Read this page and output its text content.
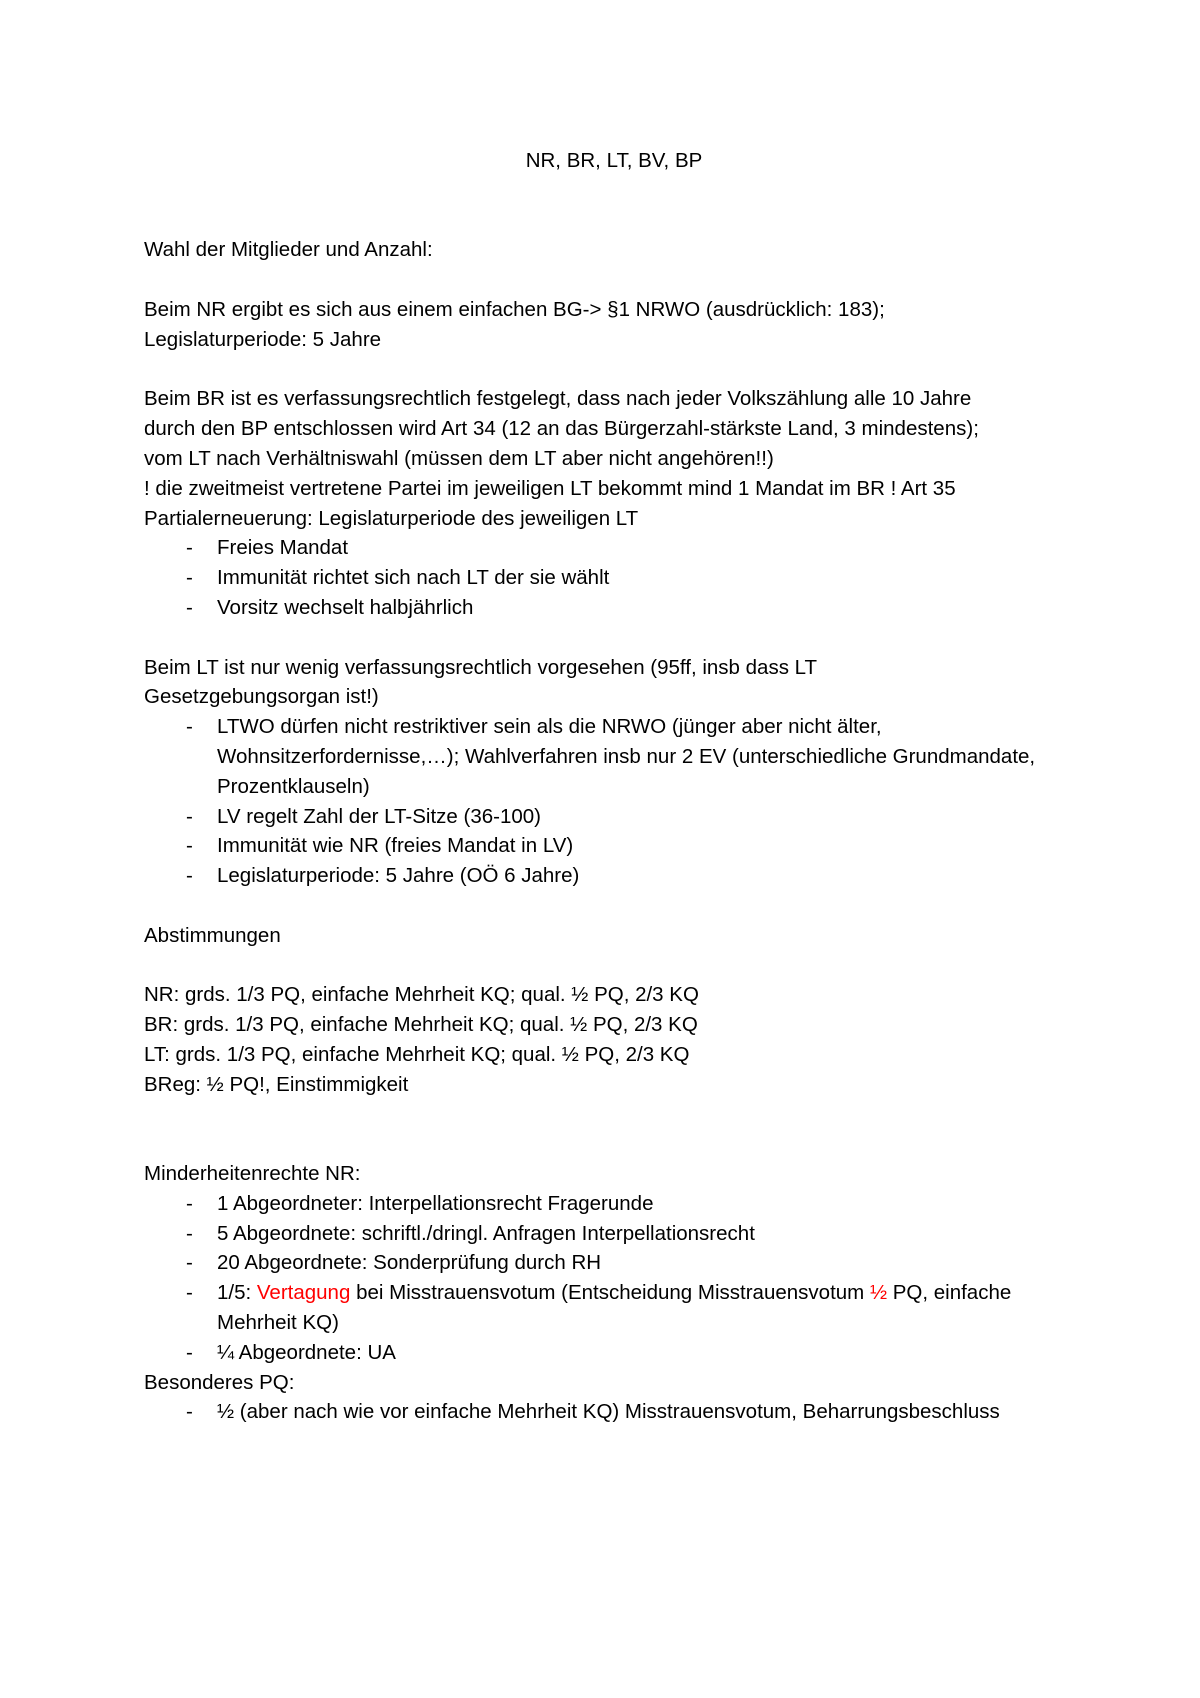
NR, BR, LT, BV, BP

Wahl der Mitglieder und Anzahl:

Beim NR ergibt es sich aus einem einfachen BG-> §1 NRWO (ausdrücklich: 183);

Legislaturperiode: 5 Jahre

Beim BR ist es verfassungsrechtlich festgelegt, dass nach jeder Volkszählung alle 10 Jahre

durch den BP entschlossen wird Art 34 (12 an das Bürgerzahl-stärkste Land, 3 mindestens);

vom LT nach Verhältniswahl (müssen dem LT aber nicht angehören!!)

! die zweitmeist vertretene Partei im jeweiligen LT bekommt mind 1 Mandat im BR ! Art 35

Partialerneuerung: Legislaturperiode des jeweiligen LT

- Freies Mandat
- Immunität richtet sich nach LT der sie wählt
- Vorsitz wechselt halbjährlich

Beim LT ist nur wenig verfassungsrechtlich vorgesehen (95ff, insb dass LT

Gesetzgebungsorgan ist!)

- LTWO dürfen nicht restriktiver sein als die NRWO (jünger aber nicht älter, Wohnsitzerfordernisse,…); Wahlverfahren insb nur 2 EV (unterschiedliche Grundmandate, Prozentklauseln)
- LV regelt Zahl der LT-Sitze (36-100)
- Immunität wie NR (freies Mandat in LV)
- Legislaturperiode: 5 Jahre (OÖ 6 Jahre)

Abstimmungen

NR: grds. 1/3 PQ, einfache Mehrheit KQ; qual. ½ PQ, 2/3 KQ

BR: grds. 1/3 PQ, einfache Mehrheit KQ; qual. ½ PQ, 2/3 KQ

LT: grds. 1/3 PQ, einfache Mehrheit KQ; qual. ½ PQ, 2/3 KQ

BReg: ½ PQ!, Einstimmigkeit

Minderheitenrechte NR:

- 1 Abgeordneter: Interpellationsrecht Fragerunde
- 5 Abgeordnete: schriftl./dringl. Anfragen Interpellationsrecht
- 20 Abgeordnete: Sonderprüfung durch RH
- 1/5: Vertagung bei Misstrauensvotum (Entscheidung Misstrauensvotum ½ PQ, einfache Mehrheit KQ)
- ¼ Abgeordnete: UA

Besonderes PQ:

- ½ (aber nach wie vor einfache Mehrheit KQ) Misstrauensvotum, Beharrungsbeschluss
